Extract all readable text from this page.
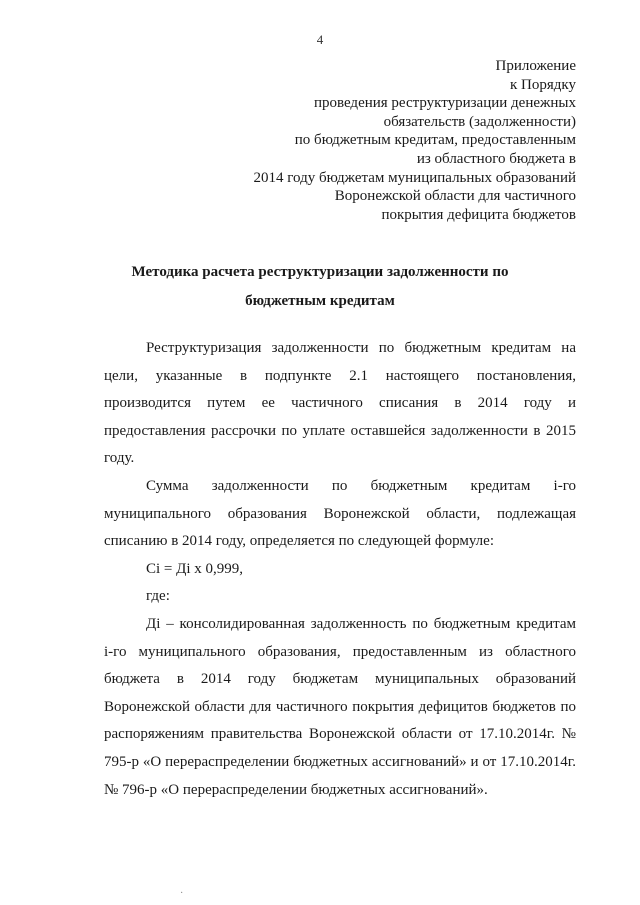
4
Приложение
к Порядку
проведения реструктуризации денежных
обязательств (задолженности)
по бюджетным кредитам, предоставленным
из областного бюджета в
2014 году бюджетам муниципальных образований
Воронежской области для частичного
покрытия дефицита бюджетов
Методика расчета реструктуризации задолженности по
бюджетным кредитам

Реструктуризация задолженности по бюджетным кредитам на цели, указанные в подпункте 2.1 настоящего постановления, производится путем ее частичного списания в 2014 году и предоставления рассрочки по уплате оставшейся задолженности в 2015 году.

Сумма задолженности по бюджетным кредитам i-го муниципального образования Воронежской области, подлежащая списанию в 2014 году, определяется по следующей формуле:

Сi = Дi х 0,999,

где:

Дi – консолидированная задолженность по бюджетным кредитам i-го муниципального образования, предоставленным из областного бюджета в 2014 году бюджетам муниципальных образований Воронежской области для частичного покрытия дефицитов бюджетов по распоряжениям правительства Воронежской области от 17.10.2014г. № 795-р «О перераспределении бюджетных ассигнований» и от 17.10.2014г. № 796-р «О перераспределении бюджетных ассигнований».

·
